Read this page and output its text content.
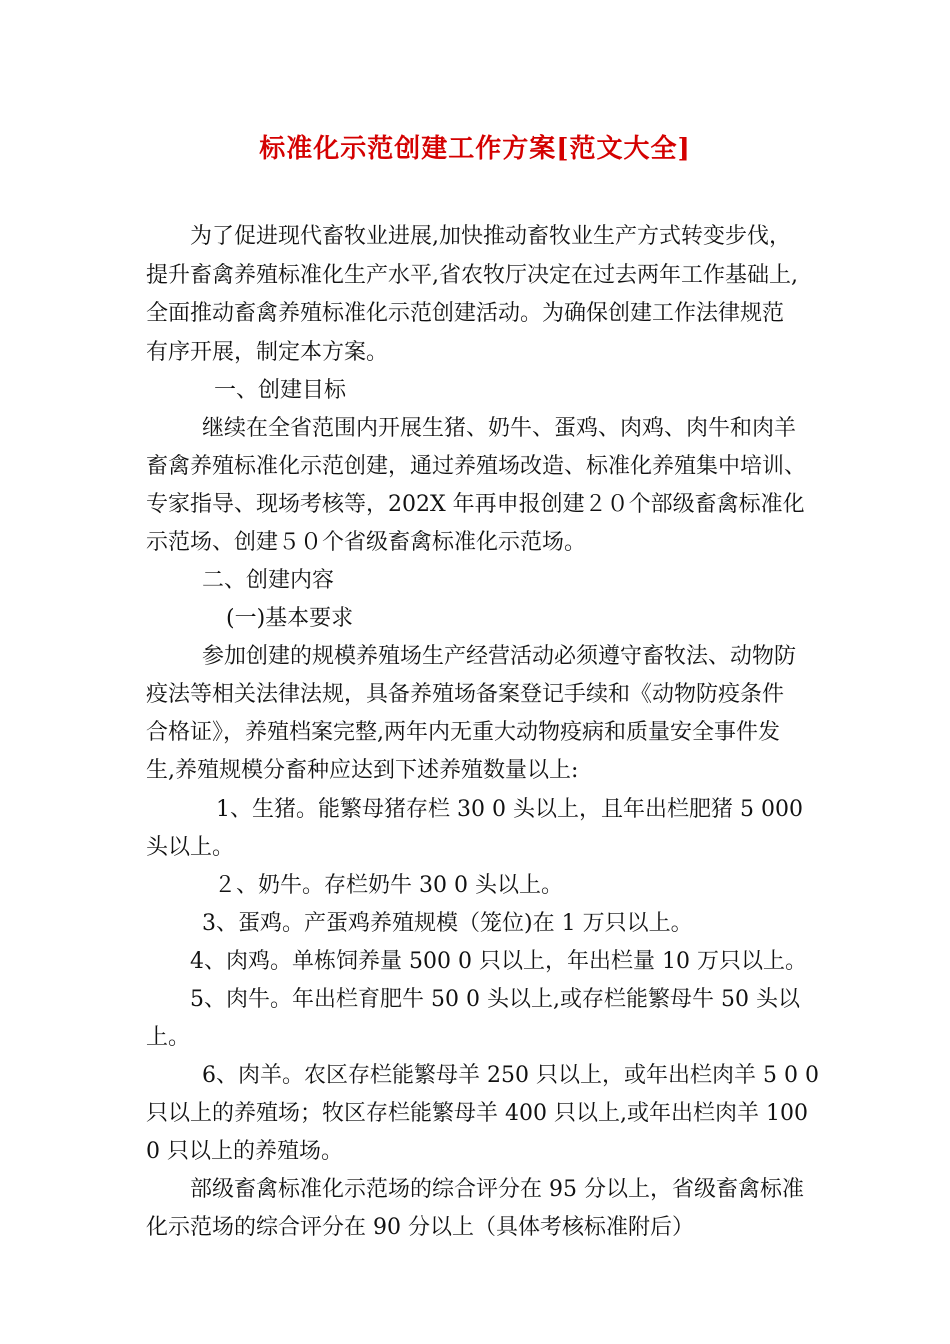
标准化示范创建工作方案[范文大全]
为了促进现代畜牧业进展,加快推动畜牧业生产方式转变步伐，
提升畜禽养殖标准化生产水平,省农牧厅决定在过去两年工作基础上,
全面推动畜禽养殖标准化示范创建活动。为确保创建工作法律规范
有序开展，制定本方案。
一、创建目标
继续在全省范围内开展生猪、奶牛、蛋鸡、肉鸡、肉牛和肉羊
畜禽养殖标准化示范创建，通过养殖场改造、标准化养殖集中培训、
专家指导、现场考核等，202X 年再申报创建２０个部级畜禽标准化
示范场、创建５０个省级畜禽标准化示范场。
二、创建内容
(一)基本要求
参加创建的规模养殖场生产经营活动必须遵守畜牧法、动物防
疫法等相关法律法规，具备养殖场备案登记手续和《动物防疫条件
合格证》，养殖档案完整,两年内无重大动物疫病和质量安全事件发
生,养殖规模分畜种应达到下述养殖数量以上:
1、生猪。能繁母猪存栏 30 0 头以上，且年出栏肥猪 5 000
头以上。
２、奶牛。存栏奶牛 30 0 头以上。
3、蛋鸡。产蛋鸡养殖规模（笼位)在 1 万只以上。
4、肉鸡。单栋饲养量 500 0 只以上，年出栏量 10 万只以上。
5、肉牛。年出栏育肥牛 50 0 头以上,或存栏能繁母牛 50 头以
上。
6、肉羊。农区存栏能繁母羊 250 只以上，或年出栏肉羊 5 0 0
只以上的养殖场；牧区存栏能繁母羊 400 只以上,或年出栏肉羊 100
0 只以上的养殖场。
部级畜禽标准化示范场的综合评分在 95 分以上，省级畜禽标准
化示范场的综合评分在 90 分以上（具体考核标准附后）
